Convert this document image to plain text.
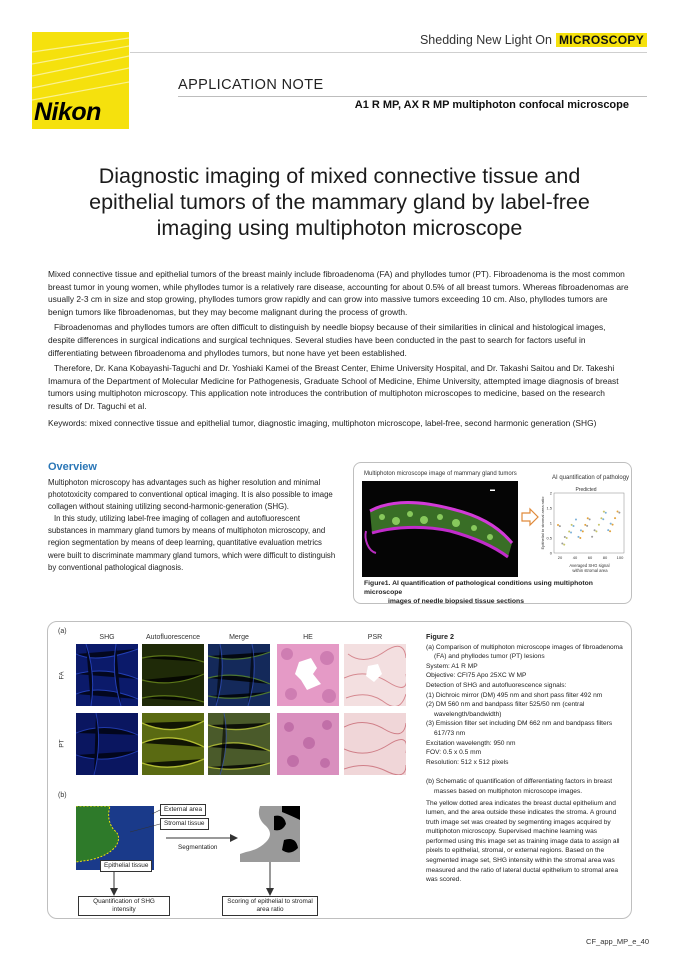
Nikon
Shedding New Light On MICROSCOPY
APPLICATION NOTE
A1 R MP, AX R MP multiphoton confocal microscope
Diagnostic imaging of mixed connective tissue and epithelial tumors of the mammary gland by label-free imaging using multiphoton microscope

Mixed connective tissue and epithelial tumors of the breast mainly include fibroadenoma (FA) and phyllodes tumor (PT). Fibroadenoma is the most common breast tumor in young women, while phyllodes tumor is a relatively rare disease, accounting for about 0.5% of all breast tumors. Whereas fibroadenomas are usually 2-3 cm in size and stop growing, phyllodes tumors grow rapidly and can grow into massive tumors exceeding 10 cm. Also, phyllodes tumors are benign tumors like fibroadenomas, but they may become malignant during the process of growth.

Fibroadenomas and phyllodes tumors are often difficult to distinguish by needle biopsy because of their similarities in clinical and histological images, despite differences in surgical indications and surgical techniques. Several studies have been conducted in the past to search for factors useful in differentiating between fibroadenoma and phyllodes tumors, but none have yet been established.

Therefore, Dr. Kana Kobayashi-Taguchi and Dr. Yoshiaki Kamei of the Breast Center, Ehime University Hospital, and Dr. Takashi Saitou and Dr. Takeshi Imamura of the Department of Molecular Medicine for Pathogenesis, Graduate School of Medicine, Ehime University, attempted image diagnosis of breast tumors using multiphoton microscopy. This application note introduces the contribution of multiphoton microscopes to medicine, based on the research results of Dr. Taguchi et al.

Keywords: mixed connective tissue and epithelial tumor, diagnostic imaging, multiphoton microscope, label-free, second harmonic generation (SHG)

Overview

Multiphoton microscopy has advantages such as higher resolution and minimal phototoxicity compared to conventional optical imaging. It is also possible to image collagen without staining utilizing second-harmonic-generation (SHG).

In this study, utilizing label-free imaging of collagen and autofluorescent substances in mammary gland tumors by means of multiphoton microscopy, and region segmentation by means of deep learning, quantitative evaluation metrics were built to discriminate mammary gland tumors, which were difficult to distinguish by conventional pathological diagnosis.

Multiphoton microscope image of mammary gland tumors
AI quantification of pathology
▬	Predicted
Epithelial to stromal area ratio
0
0.5
1
1.5
2
20	40	60	80 100
Averaged SHG signal within stromal area
Figure1. AI quantification of pathological conditions using multiphoton microscope
images of needle biopsied tissue sections
(a)
SHG	Autofluorescence	Merge	HE	PSR
FA
PT
(b)
External area
Stromal tissue
Epithelial tissue
Segmentation
Quantification of SHG intensity
Scoring of epithelial to stromal area ratio
Figure 2
(a) Comparison of multiphoton microscope images of fibroadenoma (FA) and phyllodes tumor (PT) lesions
System: A1 R MP
Objective: CFI75 Apo 25XC W MP
Detection of SHG and autofluorescence signals:
(1) Dichroic mirror (DM) 495 nm and short pass filter 492 nm
(2) DM 560 nm and bandpass filter 525/50 nm (central wavelength/bandwidth)
(3) Emission filter set including DM 662 nm and bandpass filters 617/73 nm
Excitation wavelength: 950 nm
FOV: 0.5 x 0.5 mm
Resolution: 512 x 512 pixels
(b) Schematic of quantification of differentiating factors in breast masses based on multiphoton microscope images.
The yellow dotted area indicates the breast ductal epithelium and lumen, and the area outside these indicates the stroma. A ground truth image set was created by segmenting images acquired by multiphoton microscopy. Supervised machine learning was performed using this image set as training image data to assign all pixels to epithelial, stromal, or external regions. Based on the segmented image set, SHG intensity within the stromal area was measured and the ratio of lateral ductal epithelium to stromal area was scored.
CF_app_MP_e_40
